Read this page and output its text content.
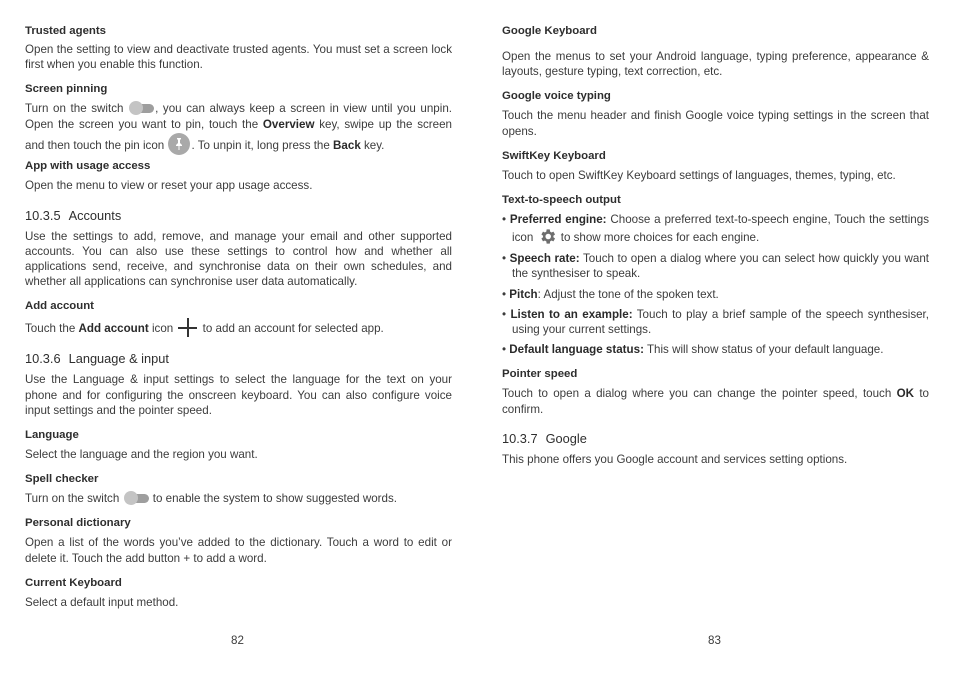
Trusted agents

Open the setting to view and deactivate trusted agents. You must set a screen lock first when you enable this function.

Screen pinning

Turn on the switch
, you can always keep a screen in view until you unpin. Open the screen you want to pin, touch the Overview key, swipe up the screen and then touch the pin icon
. To unpin it, long press the Back key.

App with usage access

Open the menu to view or reset your app usage access.

10.3.5 Accounts

Use the settings to add, remove, and manage your email and other supported accounts. You can also use these settings to control how and whether all applications send, receive, and synchronise data on their own schedules, and whether all applications can synchronise user data automatically.

Add account

Touch the Add account icon  to add an account for selected app.

10.3.6 Language & input

Use the Language & input settings to select the language for the text on your phone and for configuring the onscreen keyboard. You can also configure voice input settings and the pointer speed.

Language

Select the language and the region you want.

Spell checker

Turn on the switch
to enable the system to show suggested words.

Personal dictionary

Open a list of the words you’ve added to the dictionary. Touch a word to edit or delete it. Touch the add button + to add a word.

Current Keyboard

Select a default input method.

82

Google Keyboard

Open the menus to set your Android language, typing preference, appearance & layouts, gesture typing, text correction, etc.

Google voice typing

Touch the menu header and finish Google voice typing settings in the screen that opens.

SwiftKey Keyboard

Touch to open SwiftKey Keyboard settings of languages, themes, typing, etc.

Text-to-speech output

• Preferred engine: Choose a preferred text-to-speech engine, Touch the settings icon  to show more choices for each engine.

• Speech rate: Touch to open a dialog where you can select how quickly you want the synthesiser to speak.

• Pitch: Adjust the tone of the spoken text.

• Listen to an example: Touch to play a brief sample of the speech synthesiser, using your current settings.

• Default language status: This will show status of your default language.

Pointer speed

Touch to open a dialog where you can change the pointer speed, touch OK to confirm.

10.3.7 Google

This phone offers you Google account and services setting options.

83
